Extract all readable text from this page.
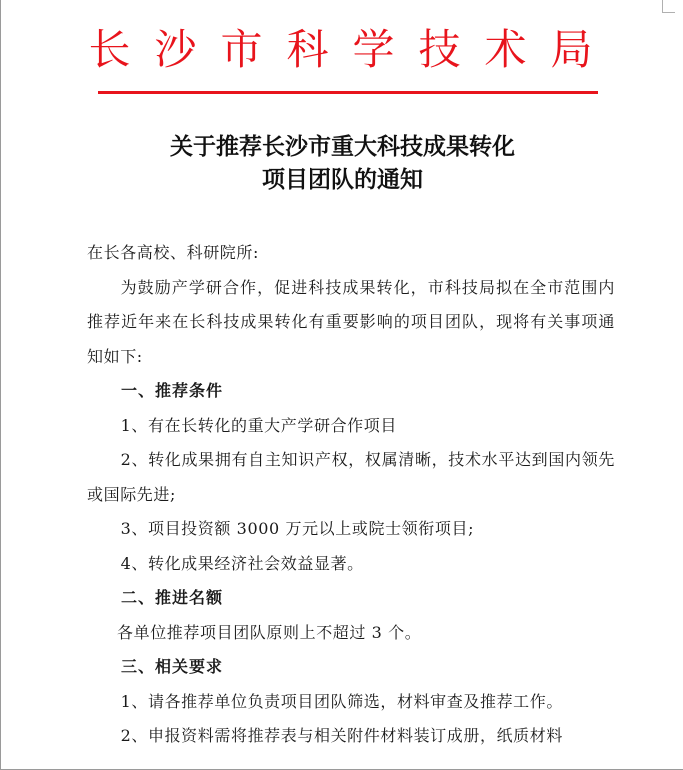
长沙市科学技术局
关于推荐长沙市重大科技成果转化
项目团队的通知

在长各高校、科研院所:

为鼓励产学研合作，促进科技成果转化，市科技局拟在全市范围内推荐近年来在长科技成果转化有重要影响的项目团队，现将有关事项通知如下:

一、推荐条件

1、有在长转化的重大产学研合作项目

2、转化成果拥有自主知识产权，权属清晰，技术水平达到国内领先或国际先进;

3、项目投资额 3000 万元以上或院士领衔项目;

4、转化成果经济社会效益显著。

二、推进名额

各单位推荐项目团队原则上不超过 3 个。

三、相关要求

1、请各推荐单位负责项目团队筛选，材料审查及推荐工作。

2、申报资料需将推荐表与相关附件材料装订成册，纸质材料
